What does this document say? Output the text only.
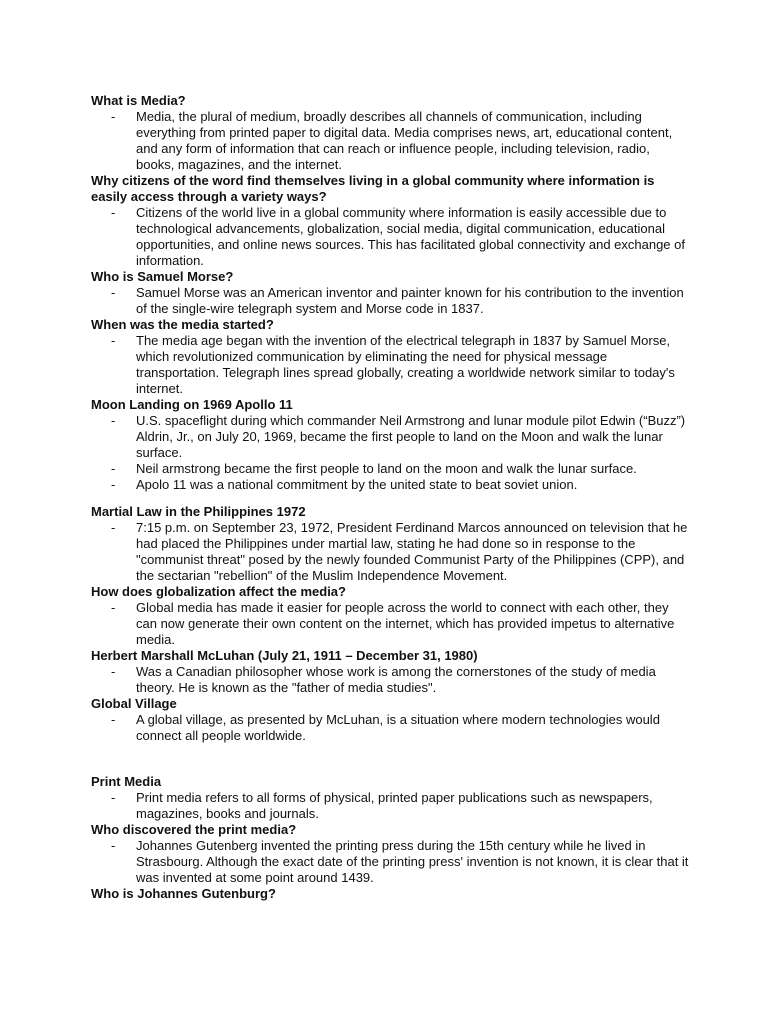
What is Media?

- Media, the plural of medium, broadly describes all channels of communication, including everything from printed paper to digital data. Media comprises news, art, educational content, and any form of information that can reach or influence people, including television, radio, books, magazines, and the internet.

Why citizens of the word find themselves living in a global community where information is easily access through a variety ways?

- Citizens of the world live in a global community where information is easily accessible due to technological advancements, globalization, social media, digital communication, educational opportunities, and online news sources. This has facilitated global connectivity and exchange of information.

Who is Samuel Morse?

- Samuel Morse was an American inventor and painter known for his contribution to the invention of the single-wire telegraph system and Morse code in 1837.

When was the media started?

- The media age began with the invention of the electrical telegraph in 1837 by Samuel Morse, which revolutionized communication by eliminating the need for physical message transportation. Telegraph lines spread globally, creating a worldwide network similar to today's internet.

Moon Landing on 1969 Apollo 11

- U.S. spaceflight during which commander Neil Armstrong and lunar module pilot Edwin (“Buzz”) Aldrin, Jr., on July 20, 1969, became the first people to land on the Moon and walk the lunar surface.
- Neil armstrong became the first people to land on the moon and walk the lunar surface.
- Apolo 11 was a national commitment by the united state to beat soviet union.

Martial Law in the Philippines 1972

- 7:15 p.m. on September 23, 1972, President Ferdinand Marcos announced on television that he had placed the Philippines under martial law, stating he had done so in response to the "communist threat" posed by the newly founded Communist Party of the Philippines (CPP), and the sectarian "rebellion" of the Muslim Independence Movement.

How does globalization affect the media?

- Global media has made it easier for people across the world to connect with each other, they can now generate their own content on the internet, which has provided impetus to alternative media.

Herbert Marshall McLuhan (July 21, 1911 – December 31, 1980)

- Was a Canadian philosopher whose work is among the cornerstones of the study of media theory. He is known as the "father of media studies".

Global Village

- A global village, as presented by McLuhan, is a situation where modern technologies would connect all people worldwide.

Print Media

- Print media refers to all forms of physical, printed paper publications such as newspapers, magazines, books and journals.

Who discovered the print media?

- Johannes Gutenberg invented the printing press during the 15th century while he lived in Strasbourg. Although the exact date of the printing press' invention is not known, it is clear that it was invented at some point around 1439.

Who is Johannes Gutenburg?
